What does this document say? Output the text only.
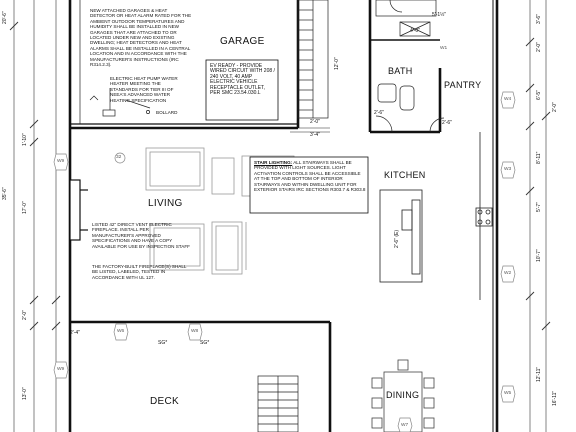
GARAGE
BATH
PANTRY
KITCHEN
LIVING
DECK
DINING
NEW ATTACHED GARAGES & HEAT DETECTOR OR HEAT ALARM RATED FOR THE AMBIENT OUTDOOR TEMPERATURES AND HUMIDITY SHALL BE INSTALLED IN NEW GARAGES THAT ARE ATTACHED TO OR LOCATED UNDER NEW AND EXISTING DWELLING; HEAT DETECTORS AND HEAT ALARMS SHALL BE INSTALLED IN A CENTRAL LOCATION AND IN ACCORDANCE WITH THE MANUFACTURER'S INSTRUCTIONS (IRC R314.2.3).
ELECTRIC HEAT PUMP WATER HEATER MEETING THE STANDARDS FOR TIER III OF NEEA'S ADVANCED WATER HEATING SPECIFICATION
EV READY - PROVIDE WIRED CIRCUIT WITH 208 / 240 VOLT, 40 AMP ELECTRIC VEHICLE RECEPTACLE OUTLET, PER SMC 23.54.030.L
STAIR LIGHTING: ALL STAIRWAYS SHALL BE PROVIDED WITH LIGHT SOURCES. LIGHT ACTIVATION CONTROLS SHALL BE ACCESSIBLE AT THE TOP AND BOTTOM OF INTERIOR STAIRWAYS AND WITHIN DWELLING UNIT FOR EXTERIOR STAIRS IRC SECTIONS R303.7 & R303.8
LISTED 42" DIRECT VENT ELECTRIC FIREPLACE. INSTALL PER MANUFACTURER'S APPROVED SPECIFICATIONS AND HAVE A COPY AVAILABLE FOR USE BY INSPECTION STAFF
THE FACTORY-BUILT FIREPLACE(S) SHALL BE LISTED, LABELED, TESTED IN ACCORDANCE WITH UL 127.
BOLLARD
20'-6"
35'-6"
1'-10"
17'-0"
2'-0"
13'-0"
12'-0"
2'-0"
3'-4"
5'-1½"
4'-0"
2'-6"
2'-6"
2'-4"
2'-6" (E)
SG*	SG*
3'-6"
2'-0"
6'-5"
8'-11"
5'-7"
10'-7"
12'-11"
2'-0"
16'-11"
W9
W9
W6	W8
W4
W3
W2
W5
W7
W1
32
